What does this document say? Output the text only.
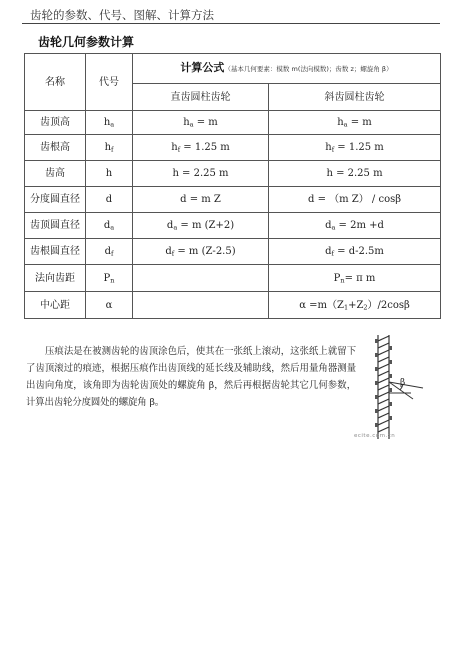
齿轮的参数、代号、图解、计算方法
齿轮几何参数计算
名称	代号	计算公式（基本几何要素：模数 m(法向模数)；齿数 z；螺旋角 β）	
		直齿圆柱齿轮	斜齿圆柱齿轮
齿顶高	$h_a$	$h_a = m$	$h_a = m$
齿根高	$h_f$	$h_f = 1.25$ m	$h_f = 1.25$ m
齿高	h	h = 2.25 m	h = 2.25 m
分度圆直径	d	d = m Z	d = （m Z） / cosβ
齿顶圆直径	$d_a$	$d_a = m$ (Z+2)	$d_a = 2m +d$
齿根圆直径	$d_f$	$d_f = m$ (Z-2.5)	$d_f = d-2.5m$
法向齿距	$P_n$		$P_n= \pi$ m
中心距	α		$\alpha =m(Z_1+Z_2)/2\cos\beta$

压痕法是在被测齿轮的齿顶涂色后，使其在一张纸上滚动，这张纸上就留下了齿顶滚过的痕迹，根据压痕作出齿顶线的延长线及辅助线，然后用量角器测量出齿向角度，该角即为齿轮齿顶处的螺旋角 β，然后再根据齿轮其它几何参数，计算出齿轮分度圆处的螺旋角 β。

β
ecite.com.cn
